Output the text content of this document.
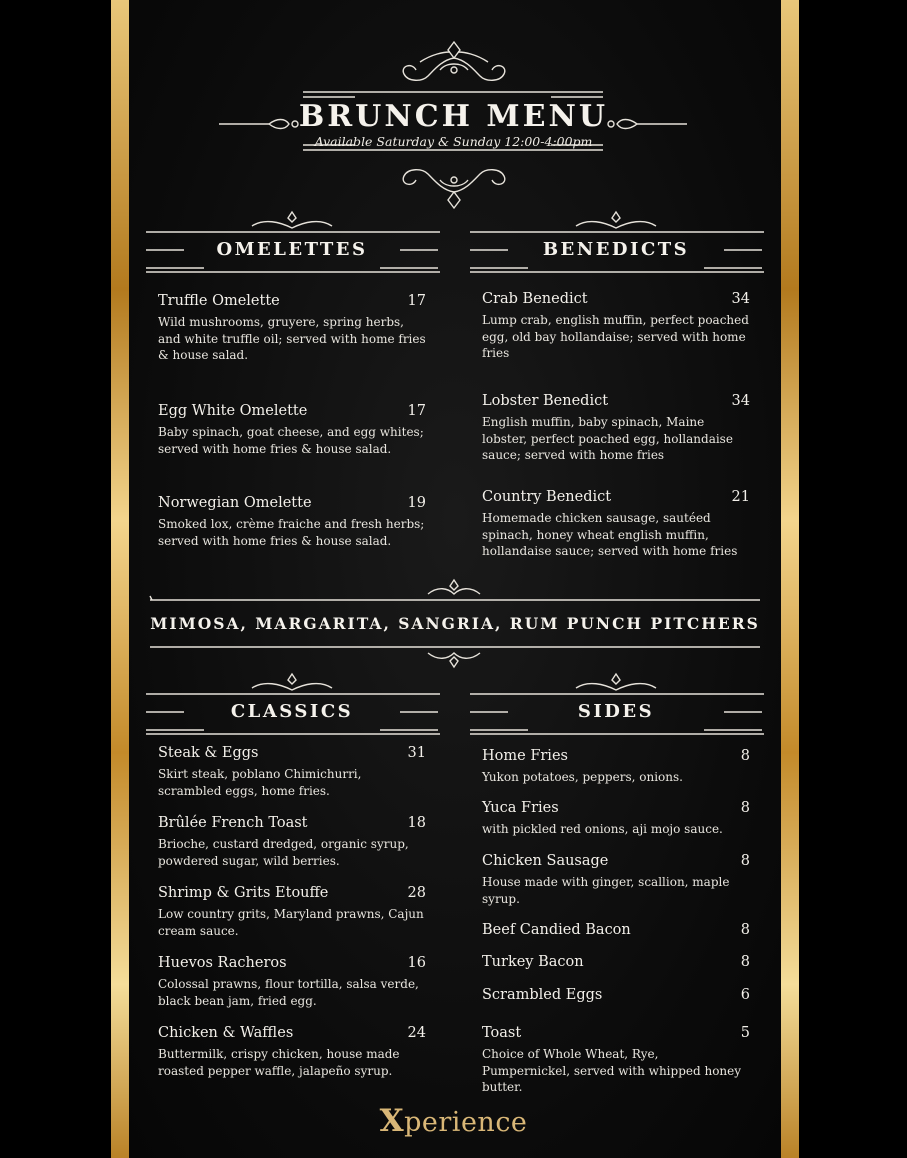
BRUNCH MENU
Available Saturday & Sunday 12:00-4:00pm
OMELETTES	BENEDICTS
Truffle Omelette	17
Wild mushrooms, gruyere, spring herbs, and white truffle oil; served with home fries & house salad.
Egg White Omelette	17
Baby spinach, goat cheese, and egg whites; served with home fries & house salad.
Norwegian Omelette	19
Smoked lox, crème fraiche and fresh herbs; served with home fries & house salad.
Crab Benedict	34
Lump crab, english muffin, perfect poached egg, old bay hollandaise; served with home fries
Lobster Benedict	34
English muffin, baby spinach, Maine lobster, perfect poached egg, hollandaise sauce; served with home fries
Country Benedict	21
Homemade chicken sausage, sautéed spinach, honey wheat english muffin, hollandaise sauce; served with home fries
MIMOSA, MARGARITA, SANGRIA, RUM PUNCH PITCHERS
CLASSICS	SIDES
Steak & Eggs	31
Skirt steak, poblano Chimichurri, scrambled eggs, home fries.
Brûlée French Toast	18
Brioche, custard dredged, organic syrup, powdered sugar, wild berries.
Shrimp & Grits Etouffe	28
Low country grits, Maryland prawns, Cajun cream sauce.
Huevos Racheros	16
Colossal prawns, flour tortilla, salsa verde, black bean jam, fried egg.
Chicken & Waffles	24
Buttermilk, crispy chicken, house made roasted pepper waffle, jalapeño syrup.
Home Fries	8
Yukon potatoes, peppers, onions.
Yuca Fries	8
with pickled red onions, aji mojo sauce.
Chicken Sausage	8
House made with ginger, scallion, maple syrup.
Beef Candied Bacon	8
Turkey Bacon	8
Scrambled Eggs	6
Toast	5
Choice of Whole Wheat, Rye, Pumpernickel, served with whipped honey butter.
Xperience
